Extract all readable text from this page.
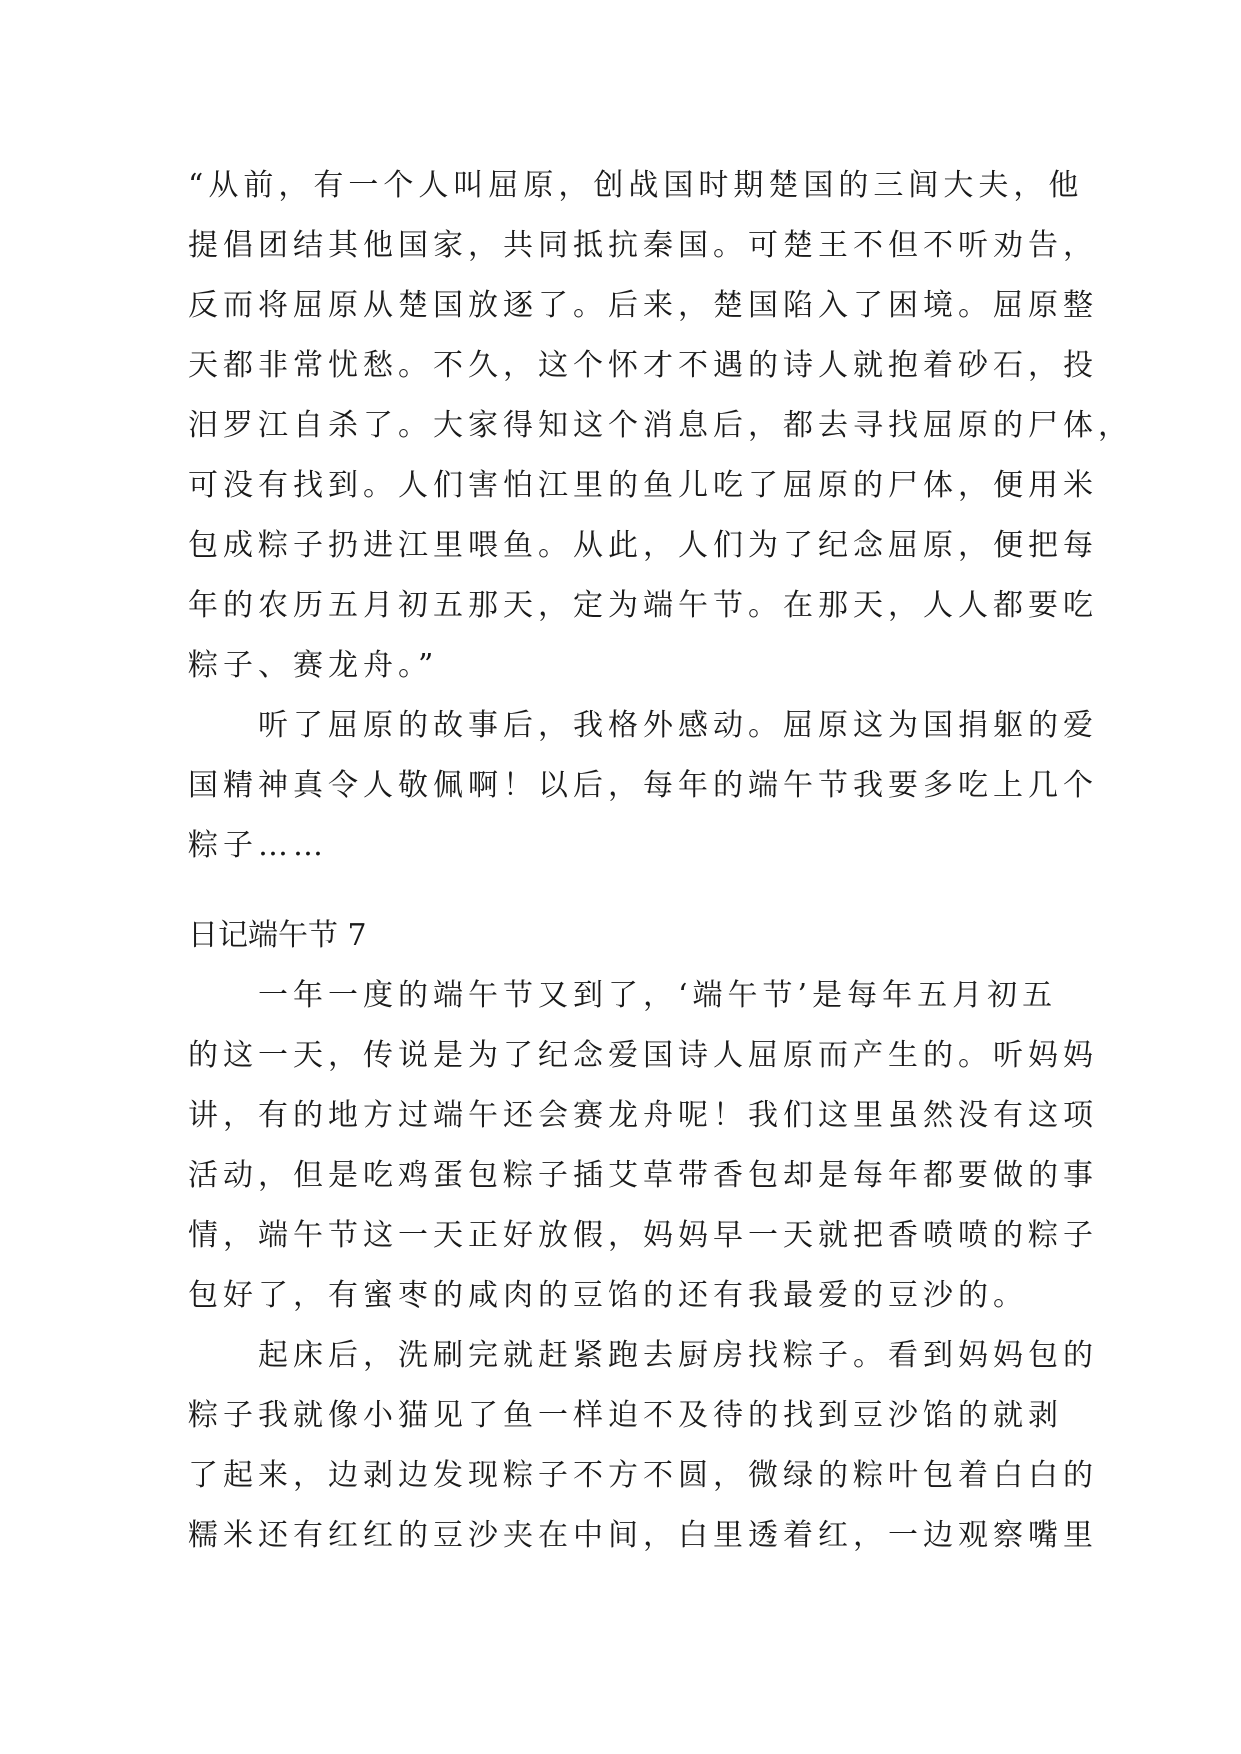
“从前，有一个人叫屈原，创战国时期楚国的三闾大夫，他
提倡团结其他国家，共同抵抗秦国。可楚王不但不听劝告，
反而将屈原从楚国放逐了。后来，楚国陷入了困境。屈原整
天都非常忧愁。不久，这个怀才不遇的诗人就抱着砂石，投
汨罗江自杀了。大家得知这个消息后，都去寻找屈原的尸体，
可没有找到。人们害怕江里的鱼儿吃了屈原的尸体，便用米
包成粽子扔进江里喂鱼。从此，人们为了纪念屈原，便把每
年的农历五月初五那天，定为端午节。在那天，人人都要吃
粽子、赛龙舟。”
　　听了屈原的故事后，我格外感动。屈原这为国捐躯的爱
国精神真令人敬佩啊！以后，每年的端午节我要多吃上几个
粽子……
日记端午节 7
　　一年一度的端午节又到了，‘端午节’是每年五月初五
的这一天，传说是为了纪念爱国诗人屈原而产生的。听妈妈
讲，有的地方过端午还会赛龙舟呢！我们这里虽然没有这项
活动，但是吃鸡蛋包粽子插艾草带香包却是每年都要做的事
情，端午节这一天正好放假，妈妈早一天就把香喷喷的粽子
包好了，有蜜枣的咸肉的豆馅的还有我最爱的豆沙的。
　　起床后，洗刷完就赶紧跑去厨房找粽子。看到妈妈包的
粽子我就像小猫见了鱼一样迫不及待的找到豆沙馅的就剥
了起来，边剥边发现粽子不方不圆，微绿的粽叶包着白白的
糯米还有红红的豆沙夹在中间，白里透着红，一边观察嘴里
